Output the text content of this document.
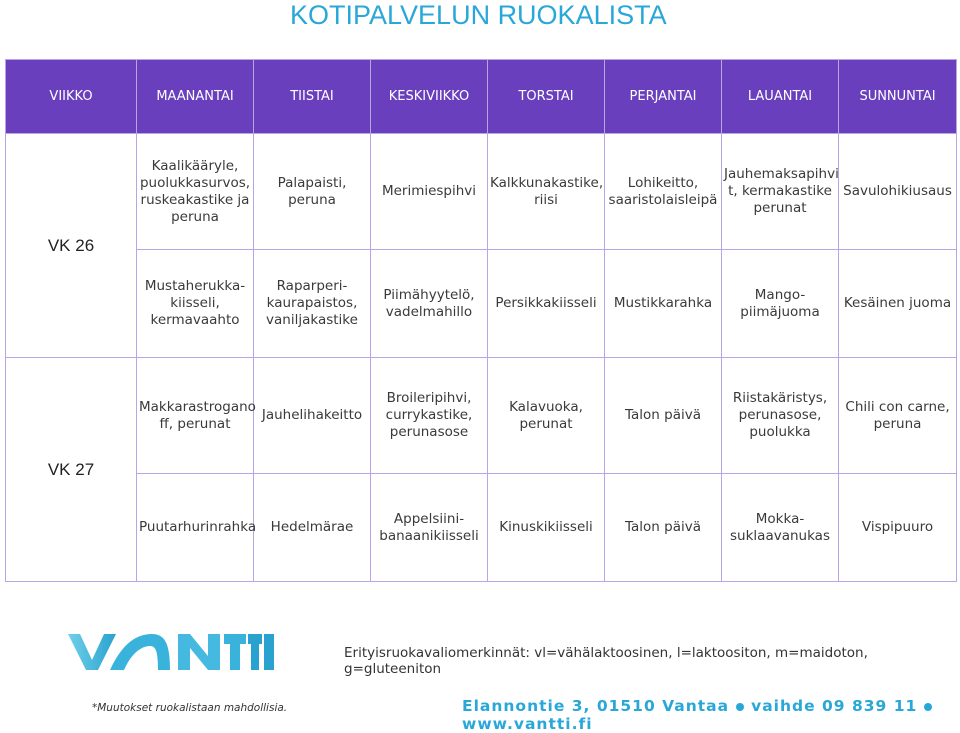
KOTIPALVELUN RUOKALISTA
VIIKKO	MAANANTAI	TIISTAI	KESKIVIIKKO	TORSTAI	PERJANTAI	LAUANTAI	SUNNUNTAI
VK 26	Kaalikääryle, puolukkasurvos, ruskeakastike ja peruna	Palapaisti, peruna	Merimiespihvi	Kalkkunakastike, riisi	Lohikeitto, saaristolaisleipä	Jauhemaksapihvi t, kermakastike perunat	Savulohikiusaus
	Mustaherukka-kiisseli, kermavaahto	Raparperi-kaurapaistos, vaniljakastike	Piimähyytelö, vadelmahillo	Persikkakiisseli	Mustikkarahka	Mango-piimäjuoma	Kesäinen juoma
VK 27	Makkarastrogano ff, perunat	Jauhelihakeitto	Broileripihvi, currykastike, perunasose	Kalavuoka, perunat	Talon päivä	Riistakäristys, perunasose, puolukka	Chili con carne, peruna
	Puutarhurinrahka	Hedelmärae	Appelsiini-banaanikiisseli	Kinuskikiisseli	Talon päivä	Mokka-suklaavanukas	Vispipuuro
Erityisruokavaliomerkinnät: vl=vähälaktoosinen, l=laktoositon, m=maidoton, g=gluteeniton
*Muutokset ruokalistaan mahdollisia.	Elannontie 3, 01510 Vantaa vaihde 09 839 11www.vantti.fi
